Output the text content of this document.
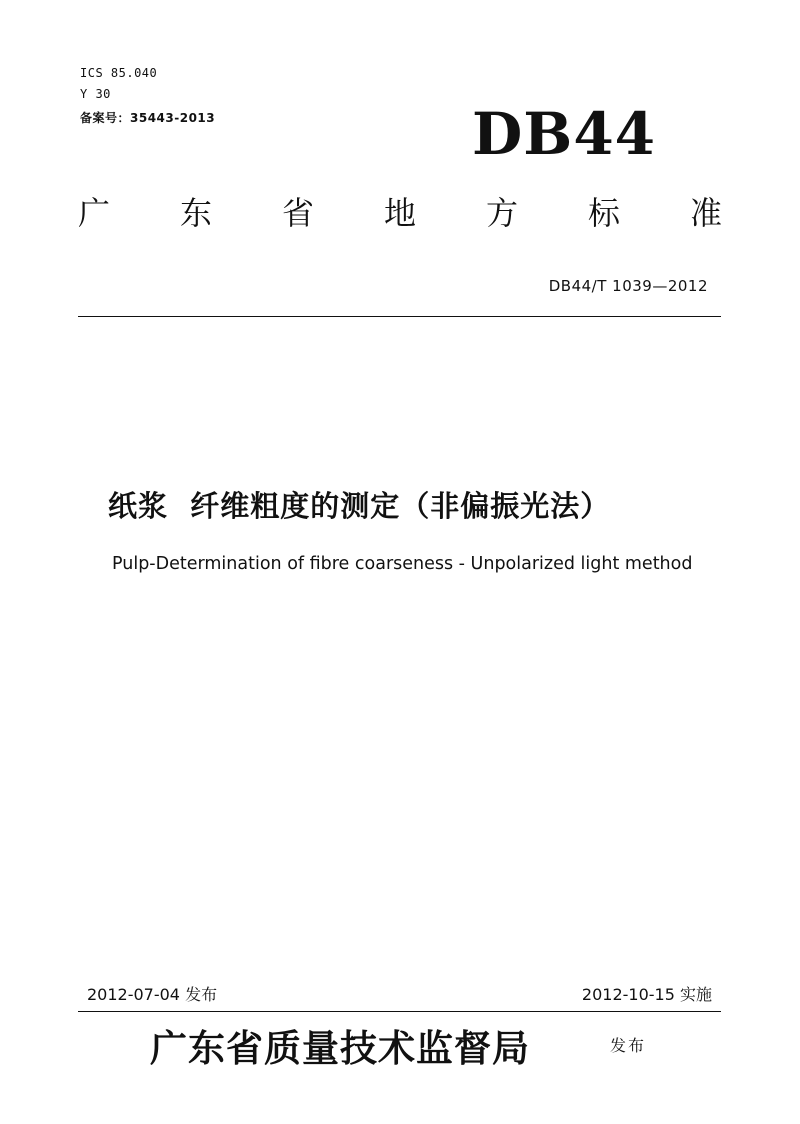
ICS 85.040
Y 30
备案号：35443-2013	DB44
广 东 省 地 方 标 准
DB44/T 1039—2012
纸浆  纤维粗度的测定（非偏振光法）
Pulp-Determination of fibre coarseness - Unpolarized light method
2012-07-04 发布	2012-10-15 实施
广东省质量技术监督局	发布
